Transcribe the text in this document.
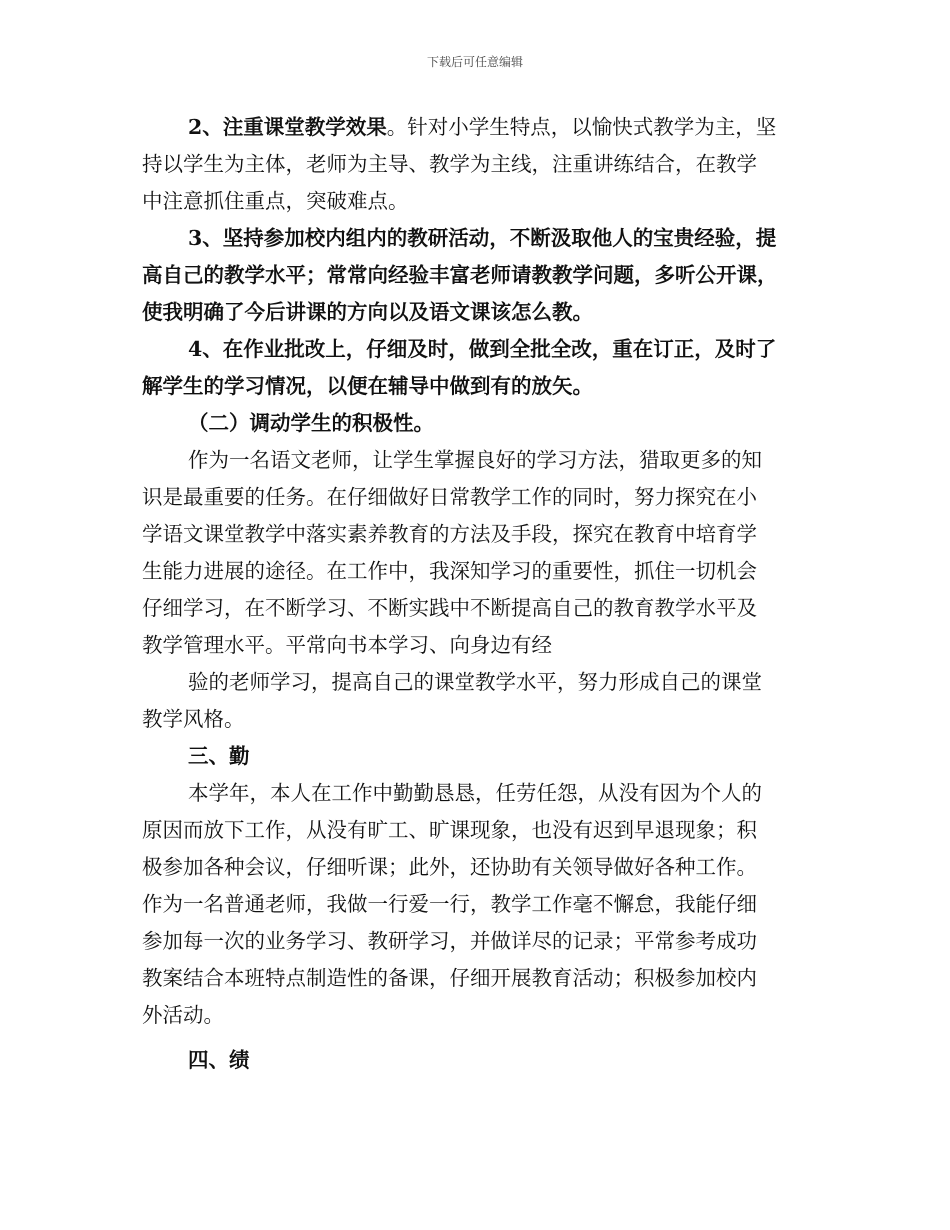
下载后可任意编辑
2、注重课堂教学效果。针对小学生特点，以愉快式教学为主，坚
持以学生为主体，老师为主导、教学为主线，注重讲练结合，在教学
中注意抓住重点，突破难点。
3、坚持参加校内组内的教研活动，不断汲取他人的宝贵经验，提
高自己的教学水平；常常向经验丰富老师请教教学问题，多听公开课，
使我明确了今后讲课的方向以及语文课该怎么教。
4、在作业批改上，仔细及时，做到全批全改，重在订正，及时了
解学生的学习情况，以便在辅导中做到有的放矢。
（二）调动学生的积极性。
作为一名语文老师，让学生掌握良好的学习方法，猎取更多的知
识是最重要的任务。在仔细做好日常教学工作的同时，努力探究在小
学语文课堂教学中落实素养教育的方法及手段，探究在教育中培育学
生能力进展的途径。在工作中，我深知学习的重要性，抓住一切机会
仔细学习，在不断学习、不断实践中不断提高自己的教育教学水平及
教学管理水平。平常向书本学习、向身边有经
验的老师学习，提高自己的课堂教学水平，努力形成自己的课堂
教学风格。
三、勤
本学年，本人在工作中勤勤恳恳，任劳任怨，从没有因为个人的
原因而放下工作，从没有旷工、旷课现象，也没有迟到早退现象；积
极参加各种会议，仔细听课；此外，还协助有关领导做好各种工作。
作为一名普通老师，我做一行爱一行，教学工作毫不懈怠，我能仔细
参加每一次的业务学习、教研学习，并做详尽的记录；平常参考成功
教案结合本班特点制造性的备课，仔细开展教育活动；积极参加校内
外活动。
四、绩
